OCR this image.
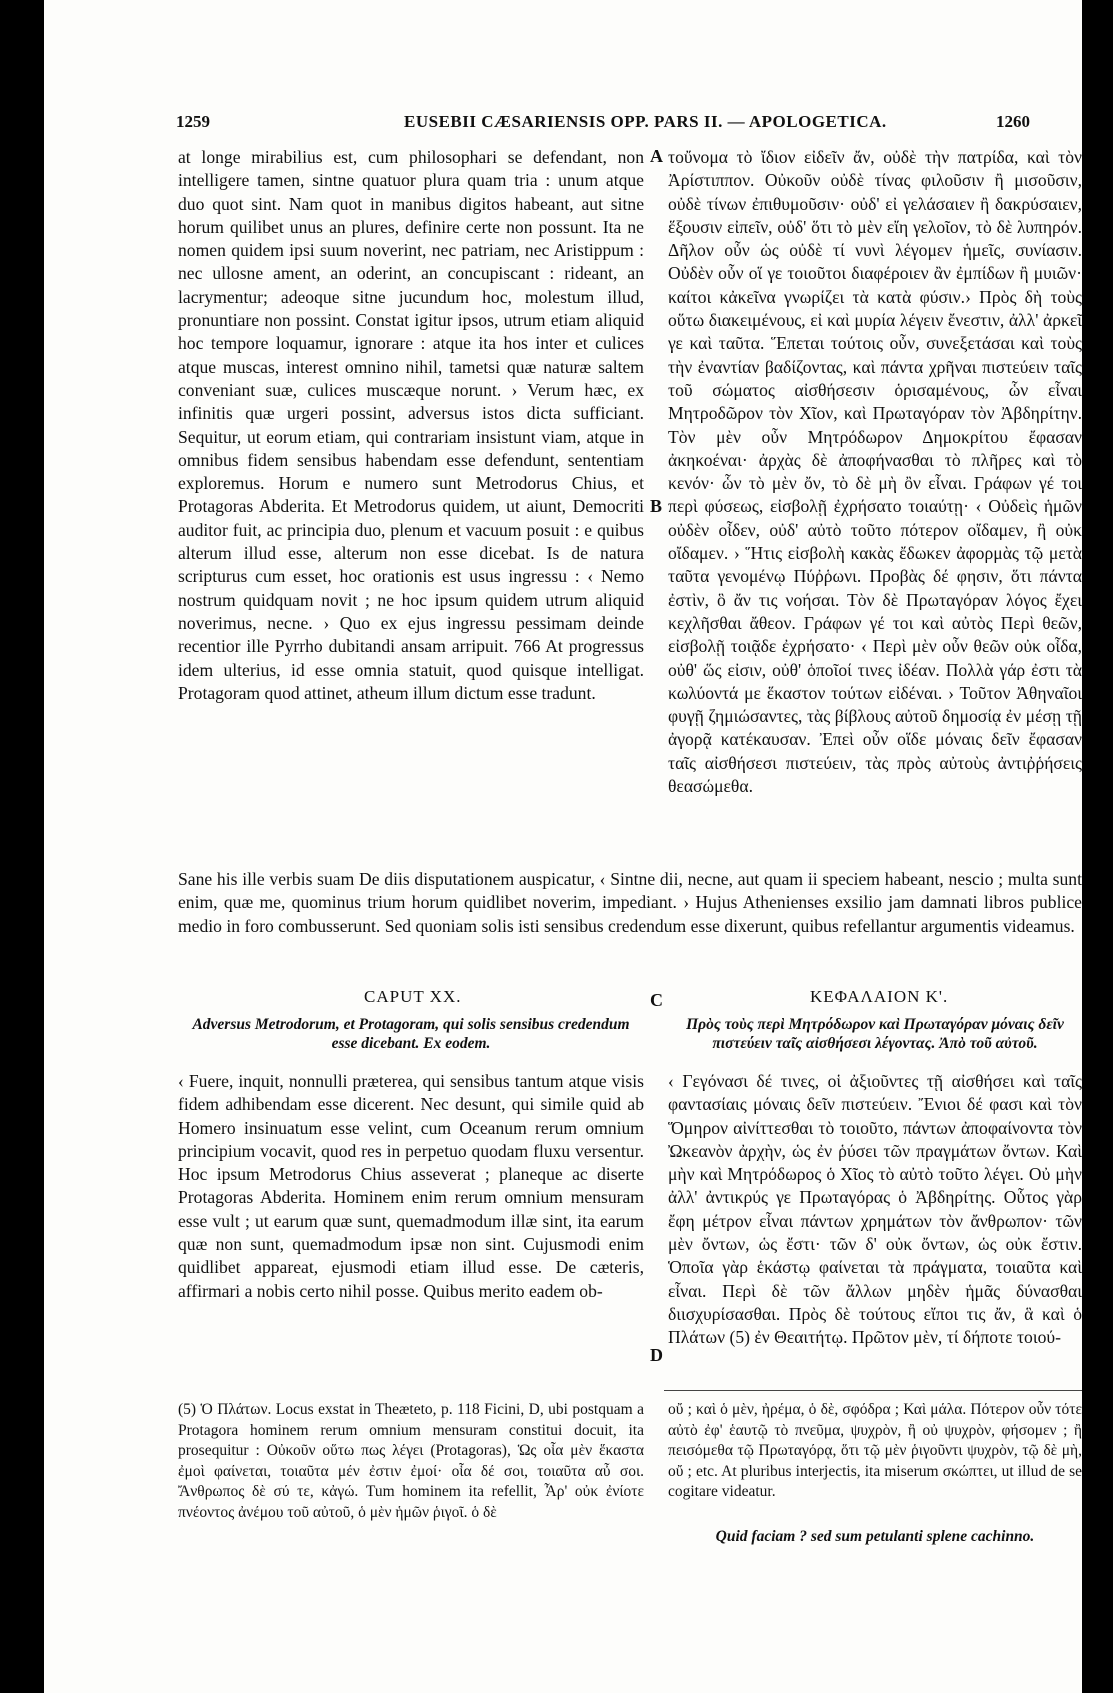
1259	EUSEBII CÆSARIENSIS OPP. PARS II. — APOLOGETICA.	1260

at longe mirabilius est, cum philosophari se defendant, non intelligere tamen, sintne quatuor plura quam tria : unum atque duo quot sint. Nam quot in manibus digitos habeant, aut sitne horum quilibet unus an plures, definire certe non possunt. Ita ne nomen quidem ipsi suum noverint, nec patriam, nec Aristippum : nec ullosne ament, an oderint, an concupiscant : rideant, an lacrymentur; adeoque sitne jucundum hoc, molestum illud, pronuntiare non possint. Constat igitur ipsos, utrum etiam aliquid hoc tempore loquamur, ignorare : atque ita hos inter et culices atque muscas, interest omnino nihil, tametsi quæ naturæ saltem conveniant suæ, culices muscæque norunt. › Verum hæc, ex infinitis quæ urgeri possint, adversus istos dicta sufficiant. Sequitur, ut eorum etiam, qui contrariam insistunt viam, atque in omnibus fidem sensibus habendam esse defendunt, sententiam exploremus. Horum e numero sunt Metrodorus Chius, et Protagoras Abderita. Et Metrodorus quidem, ut aiunt, Democriti auditor fuit, ac principia duo, plenum et vacuum posuit : e quibus alterum illud esse, alterum non esse dicebat. Is de natura scripturus cum esset, hoc orationis est usus ingressu : ‹ Nemo nostrum quidquam novit ; ne hoc ipsum quidem utrum aliquid noverimus, necne. › Quo ex ejus ingressu pessimam deinde recentior ille Pyrrho dubitandi ansam arripuit. 766 At progressus idem ulterius, id esse omnia statuit, quod quisque intelligat. Protagoram quod attinet, atheum illum dictum esse tradunt.

A
B

τοὔνομα τὸ ἴδιον εἰδεῖν ἄν, οὐδὲ τὴν πατρίδα, καὶ τὸν Ἀρίστιππον. Οὐκοῦν οὐδὲ τίνας φιλοῦσιν ἢ μισοῦσιν, οὐδὲ τίνων ἐπιθυμοῦσιν· οὐδ' εἰ γελάσαιεν ἢ δακρύσαιεν, ἕξουσιν εἰπεῖν, οὐδ' ὅτι τὸ μὲν εἴη γελοῖον, τὸ δὲ λυπηρόν. Δῆλον οὖν ὡς οὐδὲ τί νυνὶ λέγομεν ἡμεῖς, συνίασιν. Οὐδὲν οὖν οἵ γε τοιοῦτοι διαφέροιεν ἂν ἐμπίδων ἢ μυιῶν· καίτοι κἀκεῖνα γνωρίζει τὰ κατὰ φύσιν.› Πρὸς δὴ τοὺς οὕτω διακειμένους, εἰ καὶ μυρία λέγειν ἔνεστιν, ἀλλ' ἀρκεῖ γε καὶ ταῦτα. Ἕπεται τούτοις οὖν, συνεξετάσαι καὶ τοὺς τὴν ἐναντίαν βαδίζοντας, καὶ πάντα χρῆναι πιστεύειν ταῖς τοῦ σώματος αἰσθήσεσιν ὁρισαμένους, ὧν εἶναι Μητροδῶρον τὸν Χῖον, καὶ Πρωταγόραν τὸν Ἀβδηρίτην. Τὸν μὲν οὖν Μητρόδωρον Δημοκρίτου ἔφασαν ἀκηκοέναι· ἀρχὰς δὲ ἀποφήνασθαι τὸ πλῆρες καὶ τὸ κενόν· ὧν τὸ μὲν ὄν, τὸ δὲ μὴ ὂν εἶναι. Γράφων γέ τοι περὶ φύσεως, εἰσβολῇ ἐχρήσατο τοιαύτῃ· ‹ Οὐδεὶς ἡμῶν οὐδὲν οἶδεν, οὐδ' αὐτὸ τοῦτο πότερον οἴδαμεν, ἢ οὐκ οἴδαμεν. › Ἥτις εἰσβολὴ κακὰς ἔδωκεν ἀφορμὰς τῷ μετὰ ταῦτα γενομένῳ Πύῤῥωνι. Προβὰς δέ φησιν, ὅτι πάντα ἐστὶν, ὃ ἄν τις νοήσαι. Τὸν δὲ Πρωταγόραν λόγος ἔχει κεχλῆσθαι ἄθεον. Γράφων γέ τοι καὶ αὐτὸς Περὶ θεῶν, εἰσβολῇ τοιᾷδε ἐχρήσατο· ‹ Περὶ μὲν οὖν θεῶν οὐκ οἶδα, οὐθ' ὥς εἰσιν, οὐθ' ὁποῖοί τινες ἰδέαν. Πολλὰ γάρ ἐστι τὰ κωλύοντά με ἕκαστον τούτων εἰδέναι. › Τοῦτον Ἀθηναῖοι φυγῇ ζημιώσαντες, τὰς βίβλους αὐτοῦ δημοσίᾳ ἐν μέσῃ τῇ ἀγορᾷ κατέκαυσαν. Ἐπεὶ οὖν οἵδε μόναις δεῖν ἔφασαν ταῖς αἰσθήσεσι πιστεύειν, τὰς πρὸς αὐτοὺς ἀντιῤῥήσεις θεασώμεθα.

Sane his ille verbis suam De diis disputationem auspicatur, ‹ Sintne dii, necne, aut quam ii speciem habeant, nescio ; multa sunt enim, quæ me, quominus trium horum quidlibet noverim, impediant. › Hujus Athenienses exsilio jam damnati libros publice medio in foro combusserunt. Sed quoniam solis isti sensibus credendum esse dixerunt, quibus refellantur argumentis videamus.

CAPUT XX.	C	ΚΕΦΑΛΑΙΟΝ Κ'.
Adversus Metrodorum, et Protagoram, qui solis sensibus credendum esse dicebant. Ex eodem.
Πρὸς τοὺς περὶ Μητρόδωρον καὶ Πρωταγόραν μόναις δεῖν πιστεύειν ταῖς αἰσθήσεσι λέγοντας. Ἀπὸ τοῦ αὐτοῦ.

‹ Fuere, inquit, nonnulli præterea, qui sensibus tantum atque visis fidem adhibendam esse dicerent. Nec desunt, qui simile quid ab Homero insinuatum esse velint, cum Oceanum rerum omnium principium vocavit, quod res in perpetuo quodam fluxu versentur. Hoc ipsum Metrodorus Chius asseverat ; planeque ac diserte Protagoras Abderita. Hominem enim rerum omnium mensuram esse vult ; ut earum quæ sunt, quemadmodum illæ sint, ita earum quæ non sunt, quemadmodum ipsæ non sint. Cujusmodi enim quidlibet appareat, ejusmodi etiam illud esse. De cæteris, affirmari a nobis certo nihil posse. Quibus merito eadem ob-

D

‹ Γεγόνασι δέ τινες, οἱ ἀξιοῦντες τῇ αἰσθήσει καὶ ταῖς φαντασίαις μόναις δεῖν πιστεύειν. Ἔνιοι δέ φασι καὶ τὸν Ὅμηρον αἰνίττεσθαι τὸ τοιοῦτο, πάντων ἀποφαίνοντα τὸν Ὠκεανὸν ἀρχὴν, ὡς ἐν ῥύσει τῶν πραγμάτων ὄντων. Καὶ μὴν καὶ Μητρόδωρος ὁ Χῖος τὸ αὐτὸ τοῦτο λέγει. Οὐ μὴν ἀλλ' ἀντικρύς γε Πρωταγόρας ὁ Ἀβδηρίτης. Οὗτος γὰρ ἔφη μέτρον εἶναι πάντων χρημάτων τὸν ἄνθρωπον· τῶν μὲν ὄντων, ὡς ἔστι· τῶν δ' οὐκ ὄντων, ὡς οὐκ ἔστιν. Ὁποῖα γὰρ ἑκάστῳ φαίνεται τὰ πράγματα, τοιαῦτα καὶ εἶναι. Περὶ δὲ τῶν ἄλλων μηδὲν ἡμᾶς δύνασθαι διισχυρίσασθαι. Πρὸς δὲ τούτους εἴποι τις ἄν, ἃ καὶ ὁ Πλάτων (5) ἐν Θεαιτήτῳ. Πρῶτον μὲν, τί δήποτε τοιού-

(5) Ὁ Πλάτων. Locus exstat in Theæteto, p. 118 Ficini, D, ubi postquam a Protagora hominem rerum omnium mensuram constitui docuit, ita prosequitur : Οὐκοῦν οὕτω πως λέγει (Protagoras), Ὡς οἷα μὲν ἕκαστα ἐμοὶ φαίνεται, τοιαῦτα μέν ἐστιν ἐμοί· οἷα δέ σοι, τοιαῦτα αὖ σοι. Ἄνθρωπος δὲ σύ τε, κἀγώ. Tum hominem ita refellit, Ἆρ' οὐκ ἐνίοτε πνέοντος ἀνέμου τοῦ αὐτοῦ, ὁ μὲν ἡμῶν ῥιγοῖ. ὁ δὲ

οὔ ; καὶ ὁ μὲν, ἠρέμα, ὁ δὲ, σφόδρα ; Καὶ μάλα. Πότερον οὖν τότε αὐτὸ ἐφ' ἑαυτῷ τὸ πνεῦμα, ψυχρὸν, ἢ οὐ ψυχρὸν, φήσομεν ; ἢ πεισόμεθα τῷ Πρωταγόρᾳ, ὅτι τῷ μὲν ῥιγοῦντι ψυχρὸν, τῷ δὲ μὴ, οὔ ; etc. At pluribus interjectis, ita miserum σκώπτει, ut illud de se cogitare videatur.

Quid faciam ? sed sum petulanti splene cachinno.
